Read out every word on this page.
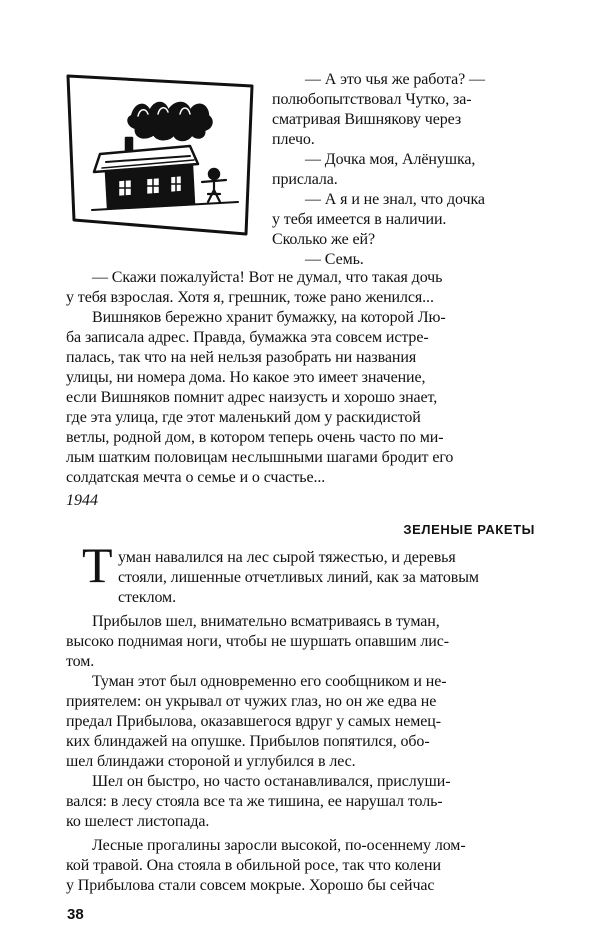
— А это чья же работа? —
полюбопытствовал Чутко, за-
сматривая Вишнякову через
плечо.
— Дочка моя, Алёнушка,
прислала.
— А я и не знал, что дочка
у тебя имеется в наличии.
Сколько же ей?
— Семь.
— Скажи пожалуйста! Вот не думал, что такая дочь
у тебя взрослая. Хотя я, грешник, тоже рано женился...
Вишняков бережно хранит бумажку, на которой Лю-
ба записала адрес. Правда, бумажка эта совсем истре-
палась, так что на ней нельзя разобрать ни названия
улицы, ни номера дома. Но какое это имеет значение,
если Вишняков помнит адрес наизусть и хорошо знает,
где эта улица, где этот маленький дом у раскидистой
ветлы, родной дом, в котором теперь очень часто по ми-
лым шатким половицам неслышными шагами бродит его
солдатская мечта о семье и о счастье...
1944
ЗЕЛЕНЫЕ РАКЕТЫ
Т уман навалился на лес сырой тяжестью, и деревья
стояли, лишенные отчетливых линий, как за матовым
стеклом.
Прибылов шел, внимательно всматриваясь в туман,
высоко поднимая ноги, чтобы не шуршать опавшим лис-
том.
Туман этот был одновременно его сообщником и не-
приятелем: он укрывал от чужих глаз, но он же едва не
предал Прибылова, оказавшегося вдруг у самых немец-
ких блиндажей на опушке. Прибылов попятился, обо-
шел блиндажи стороной и углубился в лес.
Шел он быстро, но часто останавливался, прислуши-
вался: в лесу стояла все та же тишина, ее нарушал толь-
ко шелест листопада.
Лесные прогалины заросли высокой, по-осеннему лом-
кой травой. Она стояла в обильной росе, так что колени
у Прибылова стали совсем мокрые. Хорошо бы сейчас
38
